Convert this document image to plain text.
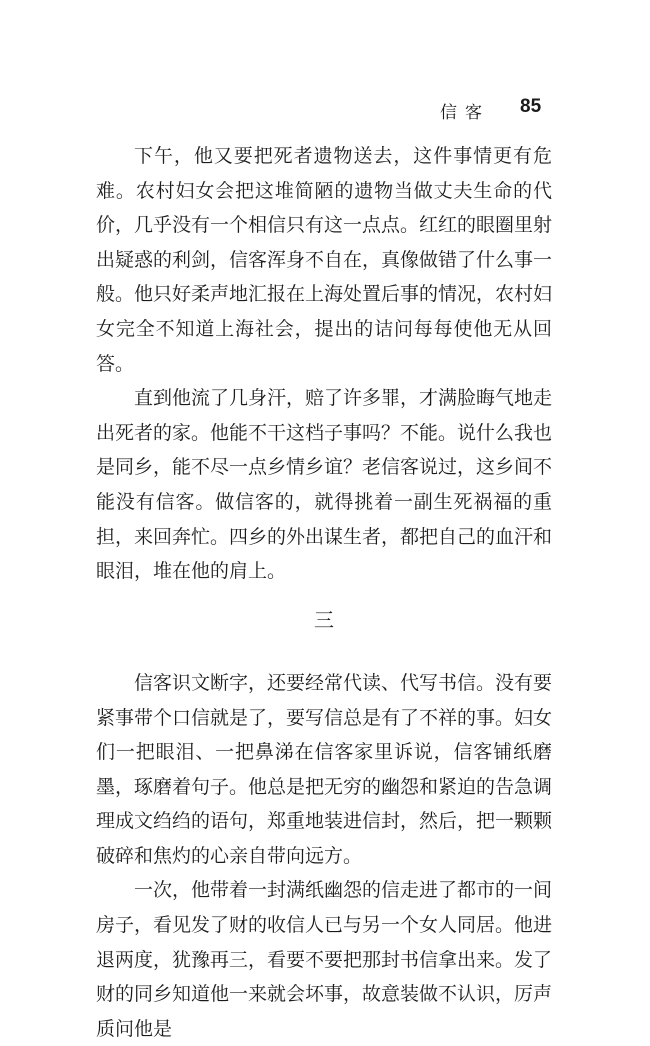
信客 85

下午，他又要把死者遗物送去，这件事情更有危难。农村妇女会把这堆简陋的遗物当做丈夫生命的代价，几乎没有一个相信只有这一点点。红红的眼圈里射出疑惑的利剑，信客浑身不自在，真像做错了什么事一般。他只好柔声地汇报在上海处置后事的情况，农村妇女完全不知道上海社会，提出的诘问每每使他无从回答。

直到他流了几身汗，赔了许多罪，才满脸晦气地走出死者的家。他能不干这档子事吗？不能。说什么我也是同乡，能不尽一点乡情乡谊？老信客说过，这乡间不能没有信客。做信客的，就得挑着一副生死祸福的重担，来回奔忙。四乡的外出谋生者，都把自己的血汗和眼泪，堆在他的肩上。

三

信客识文断字，还要经常代读、代写书信。没有要紧事带个口信就是了，要写信总是有了不祥的事。妇女们一把眼泪、一把鼻涕在信客家里诉说，信客铺纸磨墨，琢磨着句子。他总是把无穷的幽怨和紧迫的告急调理成文绉绉的语句，郑重地装进信封，然后，把一颗颗破碎和焦灼的心亲自带向远方。

一次，他带着一封满纸幽怨的信走进了都市的一间房子，看见发了财的收信人已与另一个女人同居。他进退两度，犹豫再三，看要不要把那封书信拿出来。发了财的同乡知道他一来就会坏事，故意装做不认识，厉声质问他是
